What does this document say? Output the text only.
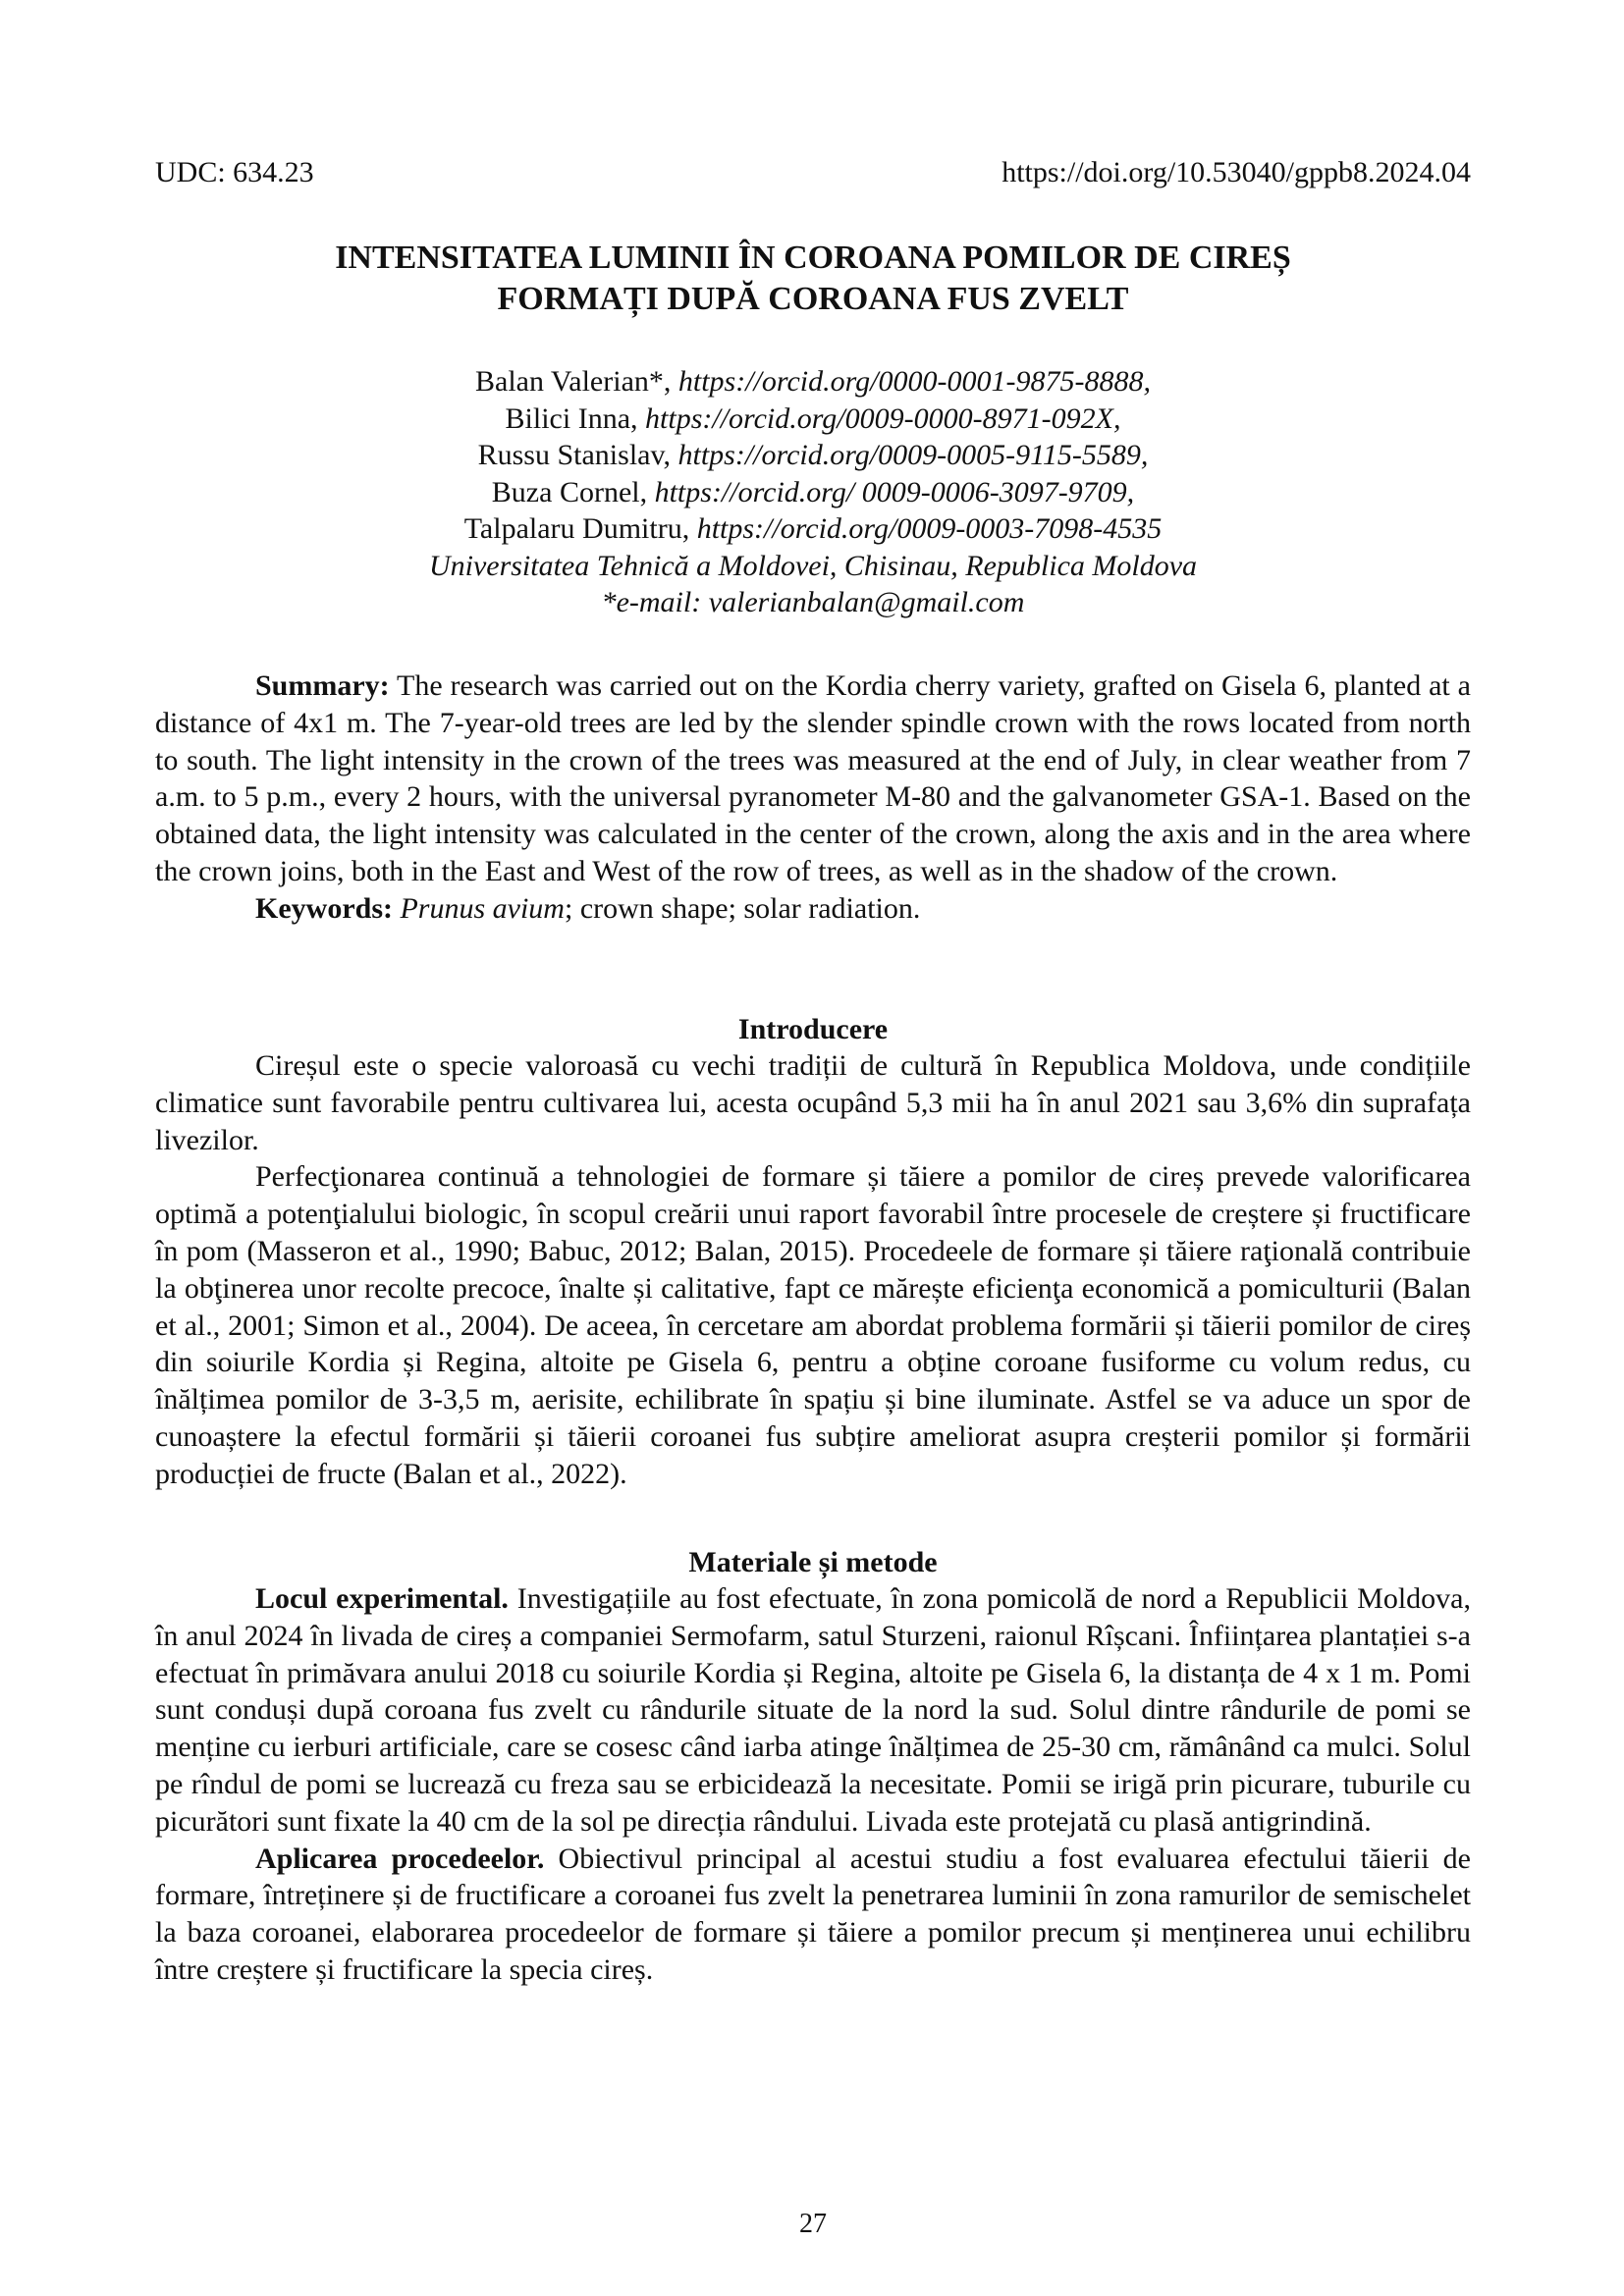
UDC: 634.23	https://doi.org/10.53040/gppb8.2024.04
INTENSITATEA LUMINII ÎN COROANA POMILOR DE CIREȘ
FORMAȚI DUPĂ COROANA FUS ZVELT
Balan Valerian*, https://orcid.org/0000-0001-9875-8888,
Bilici Inna, https://orcid.org/0009-0000-8971-092X,
Russu Stanislav, https://orcid.org/0009-0005-9115-5589,
Buza Cornel, https://orcid.org/ 0009-0006-3097-9709,
Talpalaru Dumitru, https://orcid.org/0009-0003-7098-4535
Universitatea Tehnică a Moldovei, Chisinau, Republica Moldova
*e-mail: valerianbalan@gmail.com

Summary: The research was carried out on the Kordia cherry variety, grafted on Gisela 6, planted at a distance of 4x1 m. The 7-year-old trees are led by the slender spindle crown with the rows located from north to south. The light intensity in the crown of the trees was measured at the end of July, in clear weather from 7 a.m. to 5 p.m., every 2 hours, with the universal pyranometer M-80 and the galvanometer GSA-1. Based on the obtained data, the light intensity was calculated in the center of the crown, along the axis and in the area where the crown joins, both in the East and West of the row of trees, as well as in the shadow of the crown.

Keywords: Prunus avium; crown shape; solar radiation.

Introducere

Cireșul este o specie valoroasă cu vechi tradiții de cultură în Republica Moldova, unde condițiile climatice sunt favorabile pentru cultivarea lui, acesta ocupând 5,3 mii ha în anul 2021 sau 3,6% din suprafața livezilor.

Perfecţionarea continuă a tehnologiei de formare și tăiere a pomilor de cireș prevede valorificarea optimă a potenţialului biologic, în scopul creării unui raport favorabil între procesele de creștere și fructificare în pom (Masseron et al., 1990; Babuc, 2012; Balan, 2015). Procedeele de formare și tăiere raţională contribuie la obţinerea unor recolte precoce, înalte și calitative, fapt ce mărește eficienţa economică a pomiculturii (Balan et al., 2001; Simon et al., 2004). De aceea, în cercetare am abordat problema formării și tăierii pomilor de cireș din soiurile Kordia și Regina, altoite pe Gisela 6, pentru a obține coroane fusiforme cu volum redus, cu înălțimea pomilor de 3-3,5 m, aerisite, echilibrate în spațiu și bine iluminate. Astfel se va aduce un spor de cunoaștere la efectul formării și tăierii coroanei fus subțire ameliorat asupra creșterii pomilor și formării producției de fructe (Balan et al., 2022).

Materiale și metode

Locul experimental. Investigațiile au fost efectuate, în zona pomicolă de nord a Republicii Moldova, în anul 2024 în livada de cireș a companiei Sermofarm, satul Sturzeni, raionul Rîșcani. Înființarea plantației s-a efectuat în primăvara anului 2018 cu soiurile Kordia și Regina, altoite pe Gisela 6, la distanța de 4 x 1 m. Pomi sunt conduși după coroana fus zvelt cu rândurile situate de la nord la sud. Solul dintre rândurile de pomi se menține cu ierburi artificiale, care se cosesc când iarba atinge înălțimea de 25-30 cm, rămânând ca mulci. Solul pe rîndul de pomi se lucrează cu freza sau se erbicidează la necesitate. Pomii se irigă prin picurare, tuburile cu picurători sunt fixate la 40 cm de la sol pe direcția rândului. Livada este protejată cu plasă antigrindină.

Aplicarea procedeelor. Obiectivul principal al acestui studiu a fost evaluarea efectului tăierii de formare, întreținere și de fructificare a coroanei fus zvelt la penetrarea luminii în zona ramurilor de semischelet la baza coroanei, elaborarea procedeelor de formare și tăiere a pomilor precum și menținerea unui echilibru între creștere și fructificare la specia cireș.

27
